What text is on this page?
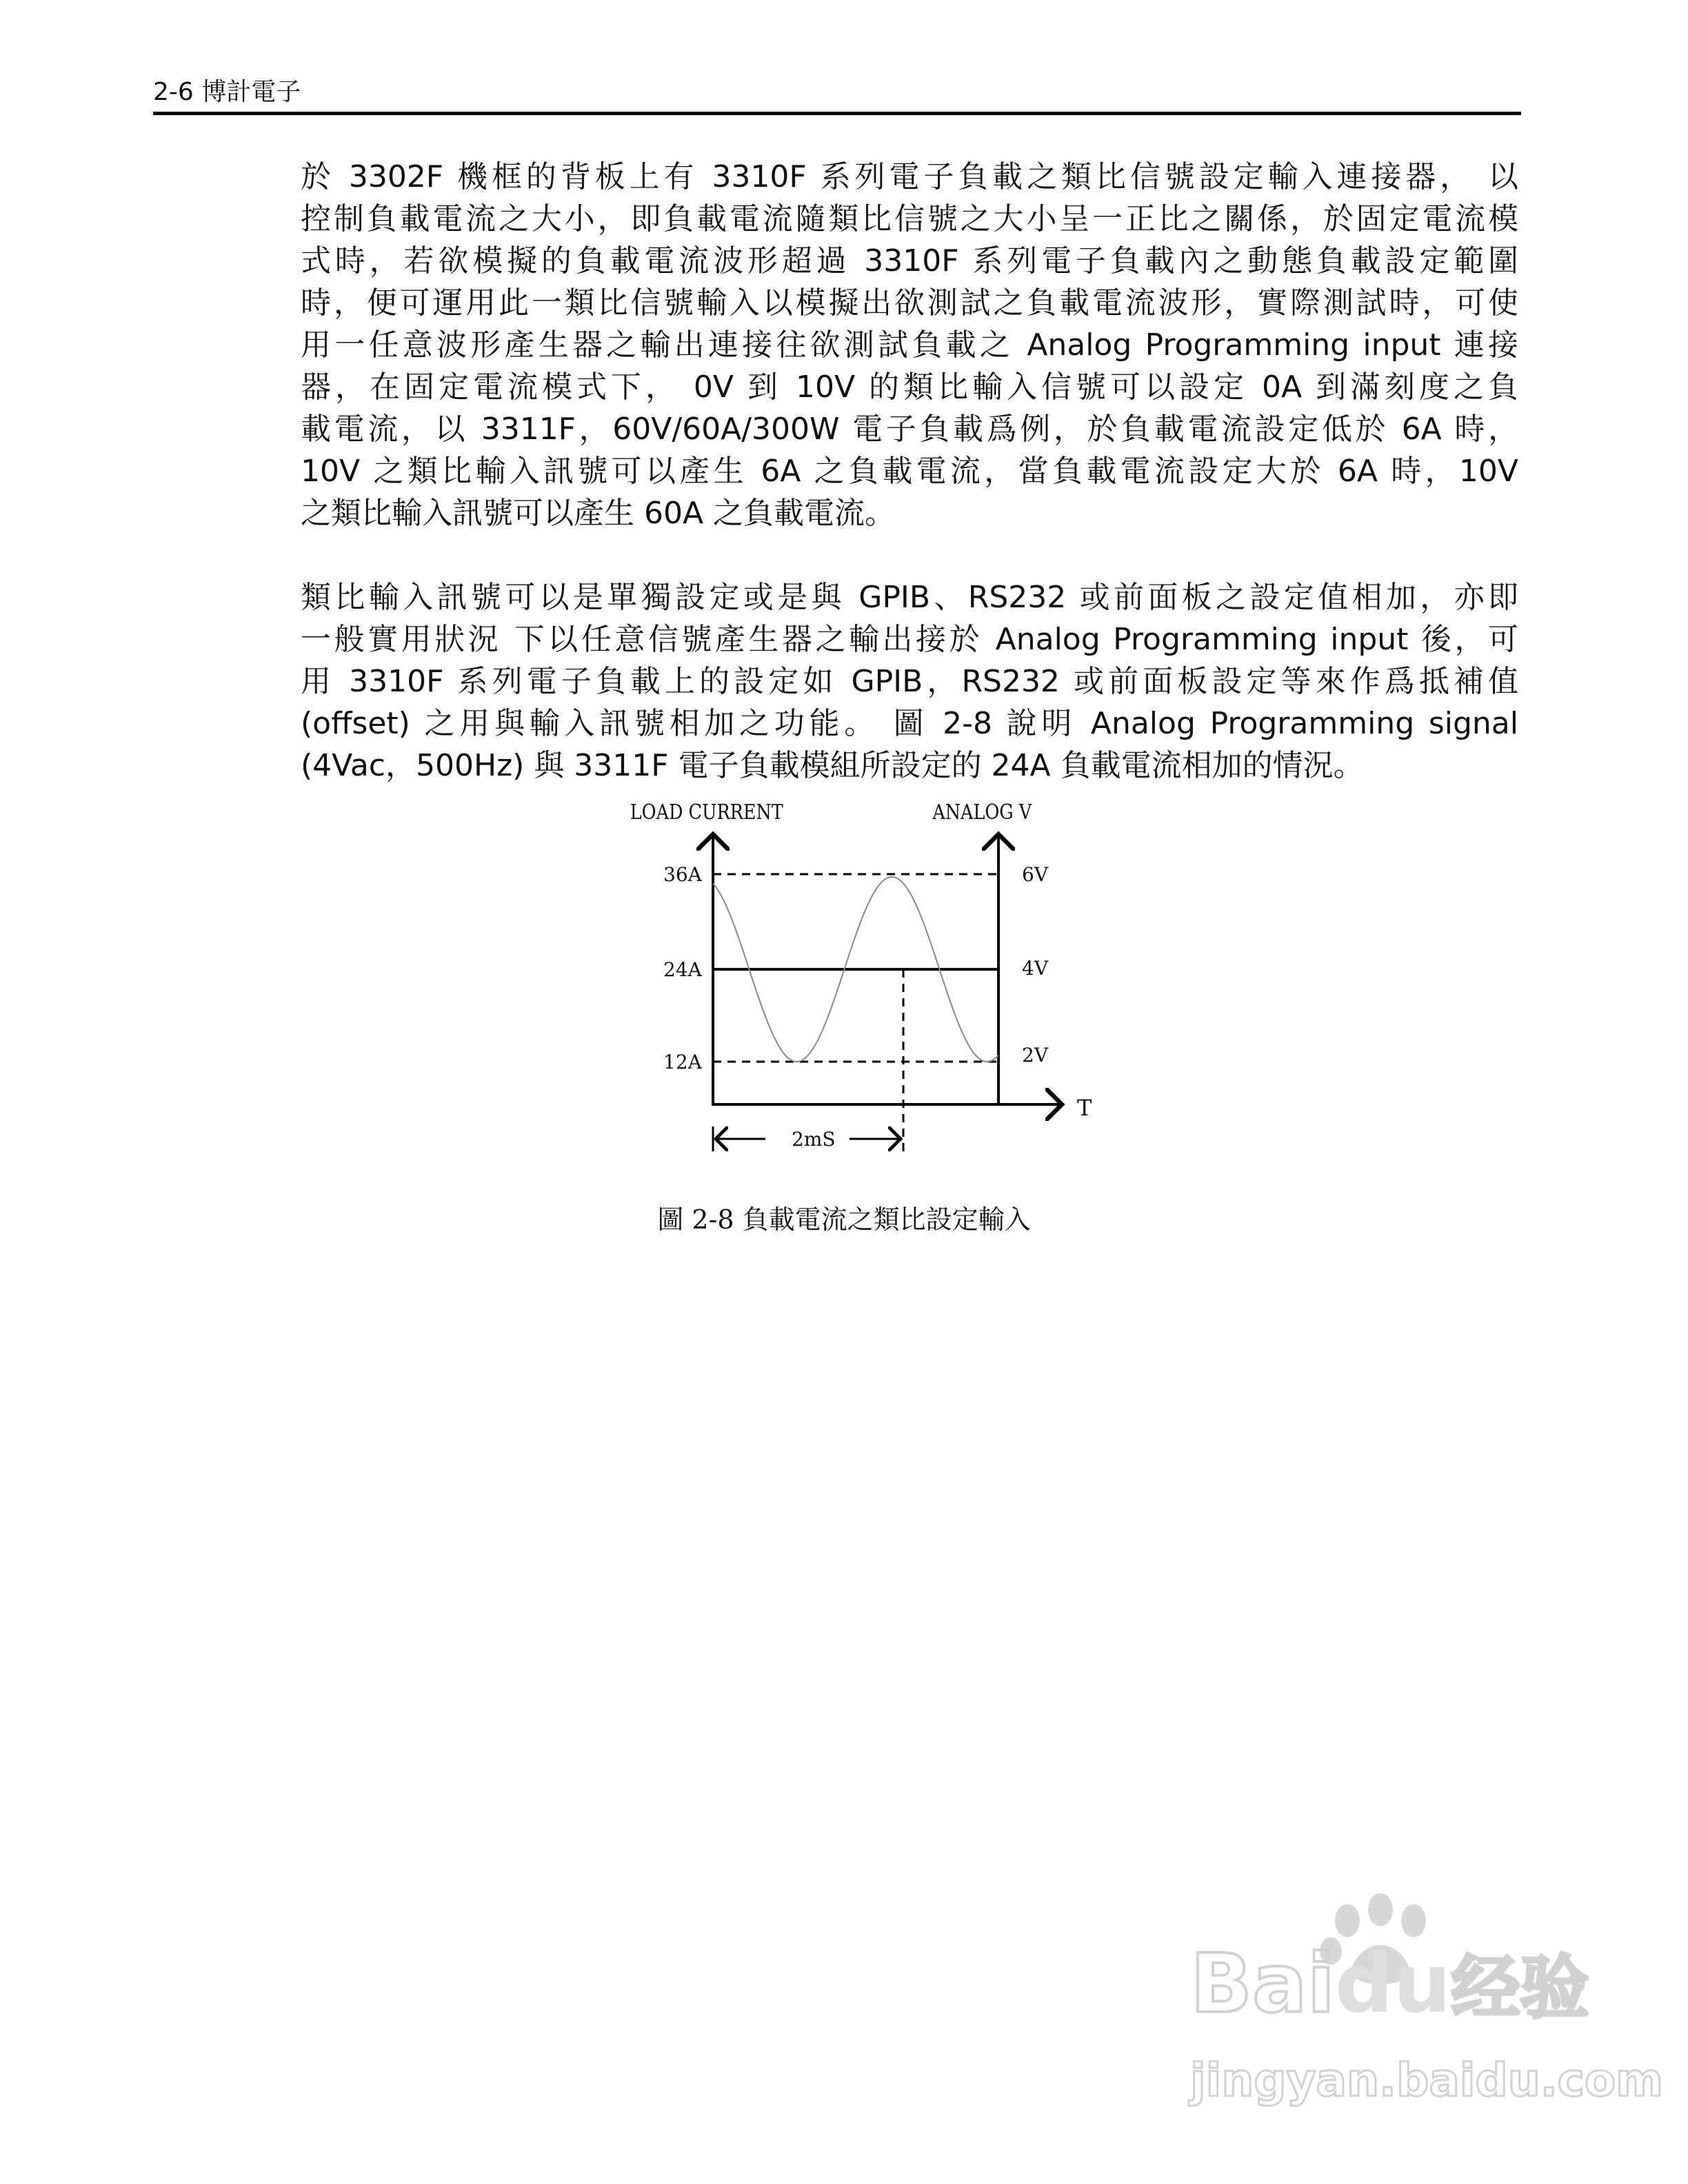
2-6 博計電子
於 3302F 機框的背板上有 3310F 系列電子負載之類比信號設定輸入連接器， 以
控制負載電流之大小，即負載電流隨類比信號之大小呈一正比之關係，於固定電流模
式時，若欲模擬的負載電流波形超過 3310F 系列電子負載內之動態負載設定範圍
時，便可運用此一類比信號輸入以模擬出欲測試之負載電流波形，實際測試時，可使
用一任意波形產生器之輸出連接往欲測試負載之 Analog Programming input 連接
器，在固定電流模式下， 0V 到 10V 的類比輸入信號可以設定 0A 到滿刻度之負
載電流，以 3311F，60V/60A/300W 電子負載爲例，於負載電流設定低於 6A 時，
10V 之類比輸入訊號可以產生 6A 之負載電流，當負載電流設定大於 6A 時，10V
之類比輸入訊號可以產生 60A 之負載電流。
類比輸入訊號可以是單獨設定或是與 GPIB、RS232 或前面板之設定值相加，亦即
一般實用狀況 下以任意信號產生器之輸出接於 Analog Programming input 後，可
用 3310F 系列電子負載上的設定如 GPIB，RS232 或前面板設定等來作爲抵補值
(offset) 之用與輸入訊號相加之功能。 圖 2-8 說明 Analog Programming signal
(4Vac，500Hz) 與 3311F 電子負載模組所設定的 24A 負載電流相加的情況。
LOAD CURRENT	ANALOG V
36A
24A
12A
6V
4V
2V
T
2mS
Baidu经验
jingyan.baidu.com
圖 2-8 負載電流之類比設定輸入
